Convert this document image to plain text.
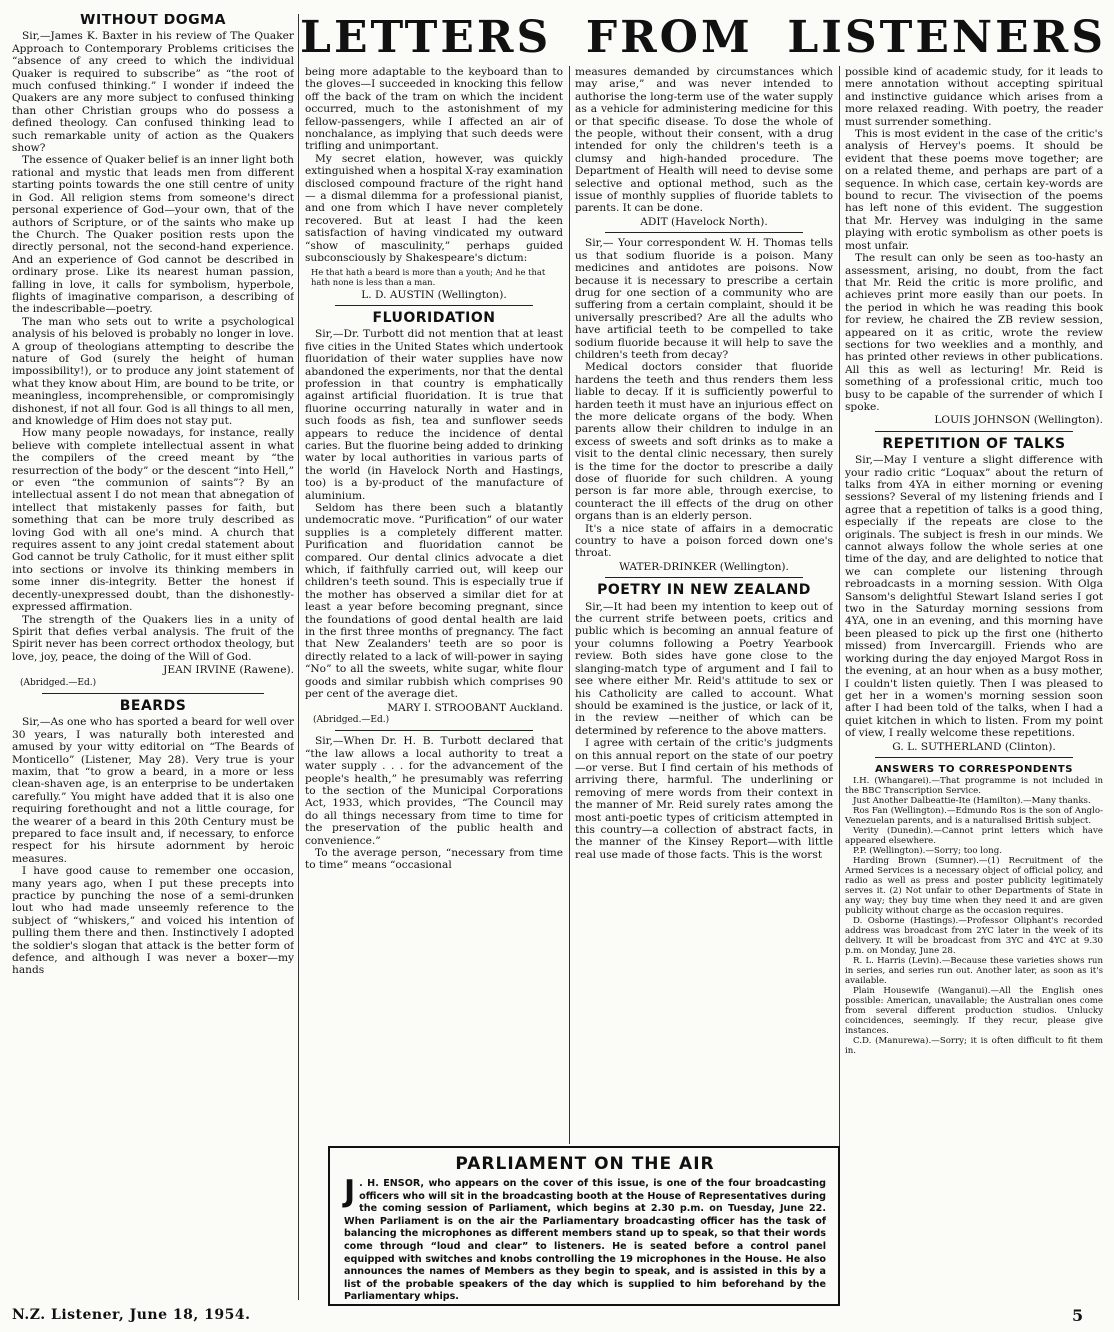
LETTERS FROM LISTENERS
WITHOUT DOGMA

Sir,—James K. Baxter in his review of The Quaker Approach to Contemporary Problems criticises the “absence of any creed to which the individual Quaker is required to subscribe” as “the root of much confused thinking.” I wonder if indeed the Quakers are any more subject to confused thinking than other Christian groups who do possess a defined theology. Can confused thinking lead to such remarkable unity of action as the Quakers show?

The essence of Quaker belief is an inner light both rational and mystic that leads men from different starting points towards the one still centre of unity in God. All religion stems from someone's direct personal experience of God—your own, that of the authors of Scripture, or of the saints who make up the Church. The Quaker position rests upon the directly personal, not the second-hand experience. And an experience of God cannot be described in ordinary prose. Like its nearest human passion, falling in love, it calls for symbolism, hyperbole, flights of imaginative comparison, a describing of the indescribable—poetry.

The man who sets out to write a psychological analysis of his beloved is probably no longer in love. A group of theologians attempting to describe the nature of God (surely the height of human impossibility!), or to produce any joint statement of what they know about Him, are bound to be trite, or meaningless, incomprehensible, or compromisingly dishonest, if not all four. God is all things to all men, and knowledge of Him does not stay put.

How many people nowadays, for instance, really believe with complete intellectual assent in what the compilers of the creed meant by “the resurrection of the body” or the descent “into Hell,” or even “the communion of saints”? By an intellectual assent I do not mean that abnegation of intellect that mistakenly passes for faith, but something that can be more truly described as loving God with all one's mind. A church that requires assent to any joint credal statement about God cannot be truly Catholic, for it must either split into sections or involve its thinking members in some inner dis-integrity. Better the honest if decently-unexpressed doubt, than the dishonestly-expressed affirmation.

The strength of the Quakers lies in a unity of Spirit that defies verbal analysis. The fruit of the Spirit never has been correct orthodox theology, but love, joy, peace, the doing of the Will of God.

JEAN IRVINE (Rawene).

(Abridged.—Ed.)

BEARDS

Sir,—As one who has sported a beard for well over 30 years, I was naturally both interested and amused by your witty editorial on “The Beards of Monticello” (Listener, May 28). Very true is your maxim, that “to grow a beard, in a more or less clean-shaven age, is an enterprise to be undertaken carefully.” You might have added that it is also one requiring forethought and not a little courage, for the wearer of a beard in this 20th Century must be prepared to face insult and, if necessary, to enforce respect for his hirsute adornment by heroic measures.

I have good cause to remember one occasion, many years ago, when I put these precepts into practice by punching the nose of a semi-drunken lout who had made unseemly reference to the subject of “whiskers,” and voiced his intention of pulling them there and then. Instinctively I adopted the soldier's slogan that attack is the better form of defence, and although I was never a boxer—my hands

being more adaptable to the keyboard than to the gloves—I succeeded in knocking this fellow off the back of the tram on which the incident occurred, much to the astonishment of my fellow-passengers, while I affected an air of nonchalance, as implying that such deeds were trifling and unimportant.

My secret elation, however, was quickly extinguished when a hospital X-ray examination disclosed compound fracture of the right hand — a dismal dilemma for a professional pianist, and one from which I have never completely recovered. But at least I had the keen satisfaction of having vindicated my outward “show of masculinity,” perhaps guided subconsciously by Shakespeare's dictum:

He that hath a beard is more than a youth; And he that hath none is less than a man.

L. D. AUSTIN (Wellington).

FLUORIDATION

Sir,—Dr. Turbott did not mention that at least five cities in the United States which undertook fluoridation of their water supplies have now abandoned the experiments, nor that the dental profession in that country is emphatically against artificial fluoridation. It is true that fluorine occurring naturally in water and in such foods as fish, tea and sunflower seeds appears to reduce the incidence of dental caries. But the fluorine being added to drinking water by local authorities in various parts of the world (in Havelock North and Hastings, too) is a by-product of the manufacture of aluminium.

Seldom has there been such a blatantly undemocratic move. “Purification” of our water supplies is a completely different matter. Purification and fluoridation cannot be compared. Our dental clinics advocate a diet which, if faithfully carried out, will keep our children's teeth sound. This is especially true if the mother has observed a similar diet for at least a year before becoming pregnant, since the foundations of good dental health are laid in the first three months of pregnancy. The fact that New Zealanders' teeth are so poor is directly related to a lack of will-power in saying “No” to all the sweets, white sugar, white flour goods and similar rubbish which comprises 90 per cent of the average diet.

MARY I. STROOBANT Auckland.

(Abridged.—Ed.)

Sir,—When Dr. H. B. Turbott declared that “the law allows a local authority to treat a water supply . . . for the advancement of the people's health,” he presumably was referring to the section of the Municipal Corporations Act, 1933, which provides, “The Council may do all things necessary from time to time for the preservation of the public health and convenience.”

To the average person, “necessary from time to time” means “occasional

measures demanded by circumstances which may arise,” and was never intended to authorise the long-term use of the water supply as a vehicle for administering medicine for this or that specific disease. To dose the whole of the people, without their consent, with a drug intended for only the children's teeth is a clumsy and high-handed procedure. The Department of Health will need to devise some selective and optional method, such as the issue of monthly supplies of fluoride tablets to parents. It can be done.

ADIT (Havelock North).

Sir,— Your correspondent W. H. Thomas tells us that sodium fluoride is a poison. Many medicines and antidotes are poisons. Now because it is necessary to prescribe a certain drug for one section of a community who are suffering from a certain complaint, should it be universally prescribed? Are all the adults who have artificial teeth to be compelled to take sodium fluoride because it will help to save the children's teeth from decay?

Medical doctors consider that fluoride hardens the teeth and thus renders them less liable to decay. If it is sufficiently powerful to harden teeth it must have an injurious effect on the more delicate organs of the body. When parents allow their children to indulge in an excess of sweets and soft drinks as to make a visit to the dental clinic necessary, then surely is the time for the doctor to prescribe a daily dose of fluoride for such children. A young person is far more able, through exercise, to counteract the ill effects of the drug on other organs than is an elderly person.

It's a nice state of affairs in a democratic country to have a poison forced down one's throat.

WATER-DRINKER (Wellington).

POETRY IN NEW ZEALAND

Sir,—It had been my intention to keep out of the current strife between poets, critics and public which is becoming an annual feature of your columns following a Poetry Yearbook review. Both sides have gone close to the slanging-match type of argument and I fail to see where either Mr. Reid's attitude to sex or his Catholicity are called to account. What should be examined is the justice, or lack of it, in the review —neither of which can be determined by reference to the above matters.

I agree with certain of the critic's judgments on this annual report on the state of our poetry—or verse. But I find certain of his methods of arriving there, harmful. The underlining or removing of mere words from their context in the manner of Mr. Reid surely rates among the most anti-poetic types of criticism attempted in this country—a collection of abstract facts, in the manner of the Kinsey Report—with little real use made of those facts. This is the worst

possible kind of academic study, for it leads to mere annotation without accepting spiritual and instinctive guidance which arises from a more relaxed reading. With poetry, the reader must surrender something.

This is most evident in the case of the critic's analysis of Hervey's poems. It should be evident that these poems move together; are on a related theme, and perhaps are part of a sequence. In which case, certain key-words are bound to recur. The vivisection of the poems has left none of this evident. The suggestion that Mr. Hervey was indulging in the same playing with erotic symbolism as other poets is most unfair.

The result can only be seen as too-hasty an assessment, arising, no doubt, from the fact that Mr. Reid the critic is more prolific, and achieves print more easily than our poets. In the period in which he was reading this book for review, he chaired the ZB review session, appeared on it as critic, wrote the review sections for two weeklies and a monthly, and has printed other reviews in other publications. All this as well as lecturing! Mr. Reid is something of a professional critic, much too busy to be capable of the surrender of which I spoke.

LOUIS JOHNSON (Wellington).

REPETITION OF TALKS

Sir,—May I venture a slight difference with your radio critic “Loquax” about the return of talks from 4YA in either morning or evening sessions? Several of my listening friends and I agree that a repetition of talks is a good thing, especially if the repeats are close to the originals. The subject is fresh in our minds. We cannot always follow the whole series at one time of the day, and are delighted to notice that we can complete our listening through rebroadcasts in a morning session. With Olga Sansom's delightful Stewart Island series I got two in the Saturday morning sessions from 4YA, one in an evening, and this morning have been pleased to pick up the first one (hitherto missed) from Invercargill. Friends who are working during the day enjoyed Margot Ross in the evening, at an hour when as a busy mother, I couldn't listen quietly. Then I was pleased to get her in a women's morning session soon after I had been told of the talks, when I had a quiet kitchen in which to listen. From my point of view, I really welcome these repetitions.

G. L. SUTHERLAND (Clinton).

ANSWERS TO CORRESPONDENTS

I.H. (Whangarei).—That programme is not included in the BBC Transcription Service.

Just Another Dalbeattie-Ite (Hamilton).—Many thanks.

Ros Fan (Wellington).—Edmundo Ros is the son of Anglo-Venezuelan parents, and is a naturalised British subject.

Verity (Dunedin).—Cannot print letters which have appeared elsewhere.

P.P. (Wellington).—Sorry; too long.

Harding Brown (Sumner).—(1) Recruitment of the Armed Services is a necessary object of official policy, and radio as well as press and poster publicity legitimately serves it. (2) Not unfair to other Departments of State in any way; they buy time when they need it and are given publicity without charge as the occasion requires.

D. Osborne (Hastings).—Professor Oliphant's recorded address was broadcast from 2YC later in the week of its delivery. It will be broadcast from 3YC and 4YC at 9.30 p.m. on Monday, June 28.

R. L. Harris (Levin).—Because these varieties shows run in series, and series run out. Another later, as soon as it's available.

Plain Housewife (Wanganui).—All the English ones possible: American, unavailable; the Australian ones come from several different production studios. Unlucky coincidences, seemingly. If they recur, please give instances.

C.D. (Manurewa).—Sorry; it is often difficult to fit them in.

PARLIAMENT ON THE AIR
J . H. ENSOR, who appears on the cover of this issue, is one of the four broadcasting officers who will sit in the broadcasting booth at the House of Representatives during the coming session of Parliament, which begins at 2.30 p.m. on Tuesday, June 22. When Parliament is on the air the Parliamentary broadcasting officer has the task of balancing the microphones as different members stand up to speak, so that their words come through “loud and clear” to listeners. He is seated before a control panel equipped with switches and knobs controlling the 19 microphones in the House. He also announces the names of Members as they begin to speak, and is assisted in this by a list of the probable speakers of the day which is supplied to him beforehand by the Parliamentary whips.
N.Z. Listener, June 18, 1954.	5
